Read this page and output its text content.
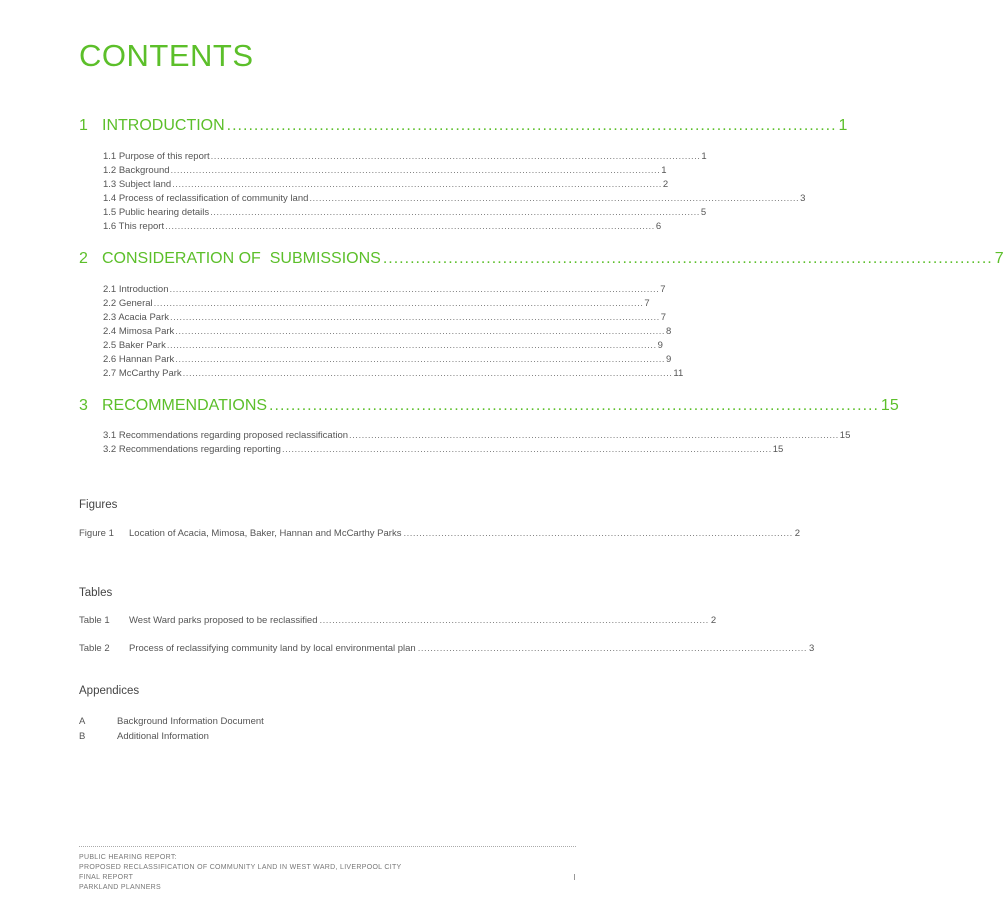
CONTENTS
1 INTRODUCTION ................................................................................................................ 1
1.1 Purpose of this report ............................................................................................................................................................ 1
1.2 Background ............................................................................................................................................................ 1
1.3 Subject land ............................................................................................................................................................ 2
1.4 Process of reclassification of community land ............................................................................................................................................................ 3
1.5 Public hearing details ............................................................................................................................................................ 5
1.6 This report ............................................................................................................................................................ 6
2 CONSIDERATION OF  SUBMISSIONS ................................................................................................................ 7
2.1 Introduction ............................................................................................................................................................ 7
2.2 General ............................................................................................................................................................ 7
2.3 Acacia Park ............................................................................................................................................................ 7
2.4 Mimosa Park ............................................................................................................................................................ 8
2.5 Baker Park ............................................................................................................................................................ 9
2.6 Hannan Park ............................................................................................................................................................ 9
2.7 McCarthy Park ............................................................................................................................................................ 11
3 RECOMMENDATIONS ................................................................................................................ 15
3.1 Recommendations regarding proposed reclassification ............................................................................................................................................................ 15
3.2 Recommendations regarding reporting ............................................................................................................................................................ 15
Figures
Figure 1	Location of Acacia, Mimosa, Baker, Hannan and McCarthy Parks ............................................................................................................................ 2
Tables
Table 1	West Ward parks proposed to be reclassified ............................................................................................................................ 2
Table 2	Process of reclassifying community land by local environmental plan ............................................................................................................................ 3
Appendices
A	Background Information Document
B	Additional Information
PUBLIC HEARING REPORT:
PROPOSED RECLASSIFICATION OF COMMUNITY LAND IN WEST WARD, LIVERPOOL CITY
FINAL REPORT
PARKLAND PLANNERS
I
